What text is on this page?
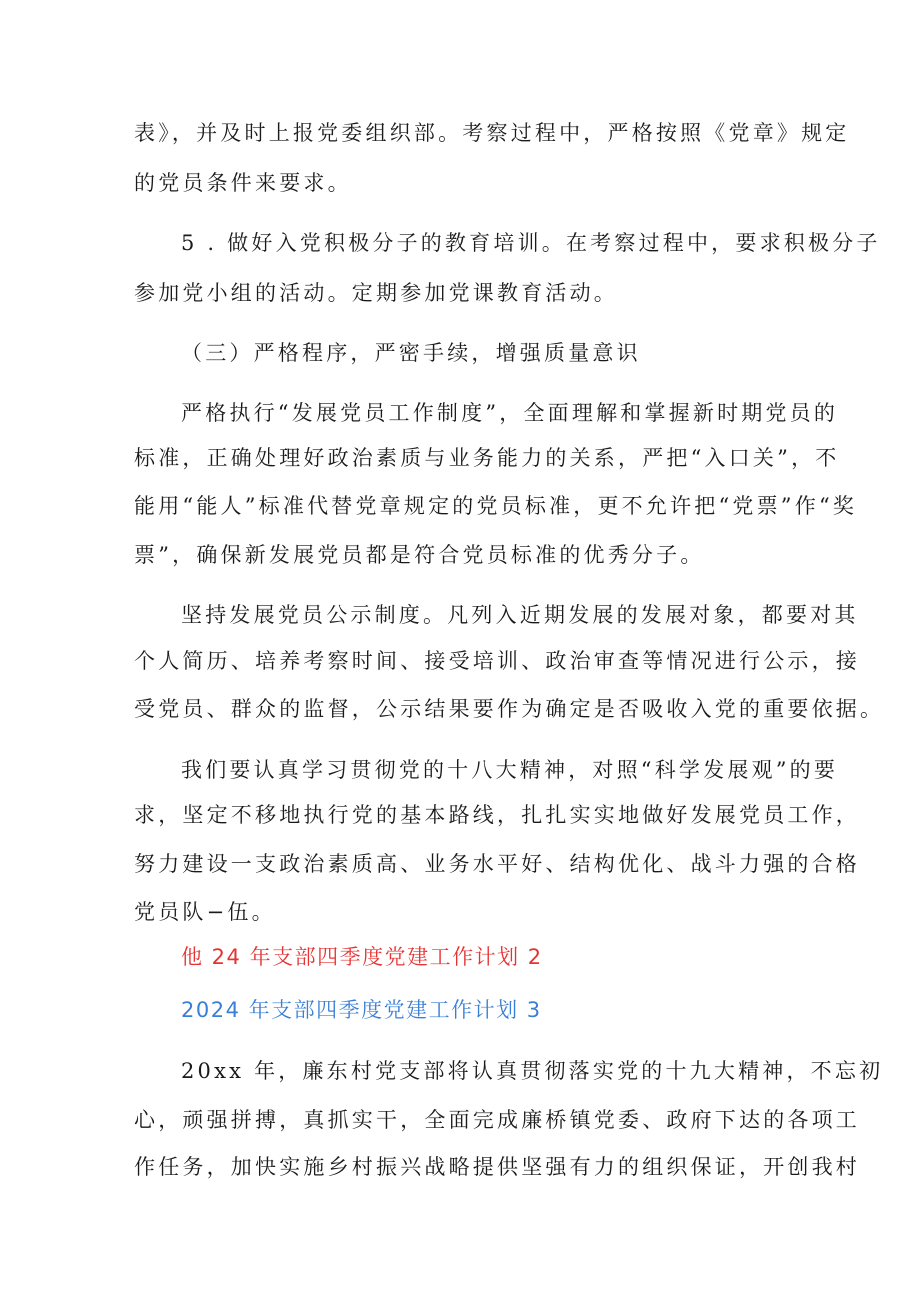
表》，并及时上报党委组织部。考察过程中，严格按照《党章》规定
的党员条件来要求。
5 . 做好入党积极分子的教育培训。在考察过程中，要求积极分子
参加党小组的活动。定期参加党课教育活动。
（三）严格程序，严密手续，增强质量意识
严格执行“发展党员工作制度”，全面理解和掌握新时期党员的
标准，正确处理好政治素质与业务能力的关系，严把“入口关”，不
能用“能人”标准代替党章规定的党员标准，更不允许把“党票”作“奖
票”，确保新发展党员都是符合党员标准的优秀分子。
坚持发展党员公示制度。凡列入近期发展的发展对象，都要对其
个人简历、培养考察时间、接受培训、政治审查等情况进行公示，接
受党员、群众的监督，公示结果要作为确定是否吸收入党的重要依据。
我们要认真学习贯彻党的十八大精神，对照“科学发展观”的要
求，坚定不移地执行党的基本路线，扎扎实实地做好发展党员工作，
努力建设一支政治素质高、业务水平好、结构优化、战斗力强的合格
党员队−伍。
他 24 年支部四季度党建工作计划 2
2024 年支部四季度党建工作计划 3
20xx 年，廉东村党支部将认真贯彻落实党的十九大精神，不忘初
心，顽强拼搏，真抓实干，全面完成廉桥镇党委、政府下达的各项工
作任务，加快实施乡村振兴战略提供坚强有力的组织保证，开创我村
